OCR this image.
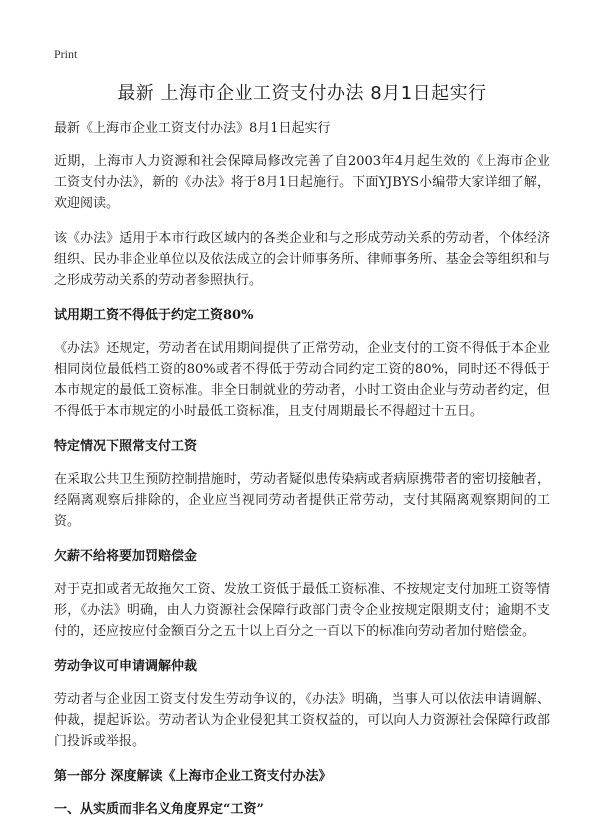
Print
最新 上海市企业工资支付办法 8月1日起实行

最新《上海市企业工资支付办法》8月1日起实行

近期，上海市人力资源和社会保障局修改完善了自2003年4月起生效的《上海市企业工资支付办法》，新的《办法》将于8月1日起施行。下面YJBYS小编带大家详细了解，欢迎阅读。

该《办法》适用于本市行政区域内的各类企业和与之形成劳动关系的劳动者，个体经济组织、民办非企业单位以及依法成立的会计师事务所、律师事务所、基金会等组织和与之形成劳动关系的劳动者参照执行。

试用期工资不得低于约定工资80%

《办法》还规定，劳动者在试用期间提供了正常劳动，企业支付的工资不得低于本企业相同岗位最低档工资的80%或者不得低于劳动合同约定工资的80%，同时还不得低于本市规定的最低工资标准。非全日制就业的劳动者，小时工资由企业与劳动者约定，但不得低于本市规定的小时最低工资标准，且支付周期最长不得超过十五日。

特定情况下照常支付工资

在采取公共卫生预防控制措施时，劳动者疑似患传染病或者病原携带者的密切接触者，经隔离观察后排除的，企业应当视同劳动者提供正常劳动，支付其隔离观察期间的工资。

欠薪不给将要加罚赔偿金

对于克扣或者无故拖欠工资、发放工资低于最低工资标准、不按规定支付加班工资等情形，《办法》明确，由人力资源社会保障行政部门责令企业按规定限期支付；逾期不支付的，还应按应付金额百分之五十以上百分之一百以下的标准向劳动者加付赔偿金。

劳动争议可申请调解仲裁

劳动者与企业因工资支付发生劳动争议的，《办法》明确，当事人可以依法申请调解、仲裁，提起诉讼。劳动者认为企业侵犯其工资权益的，可以向人力资源社会保障行政部门投诉或举报。

第一部分 深度解读《上海市企业工资支付办法》
一、从实质而非名义角度界定“工资”
